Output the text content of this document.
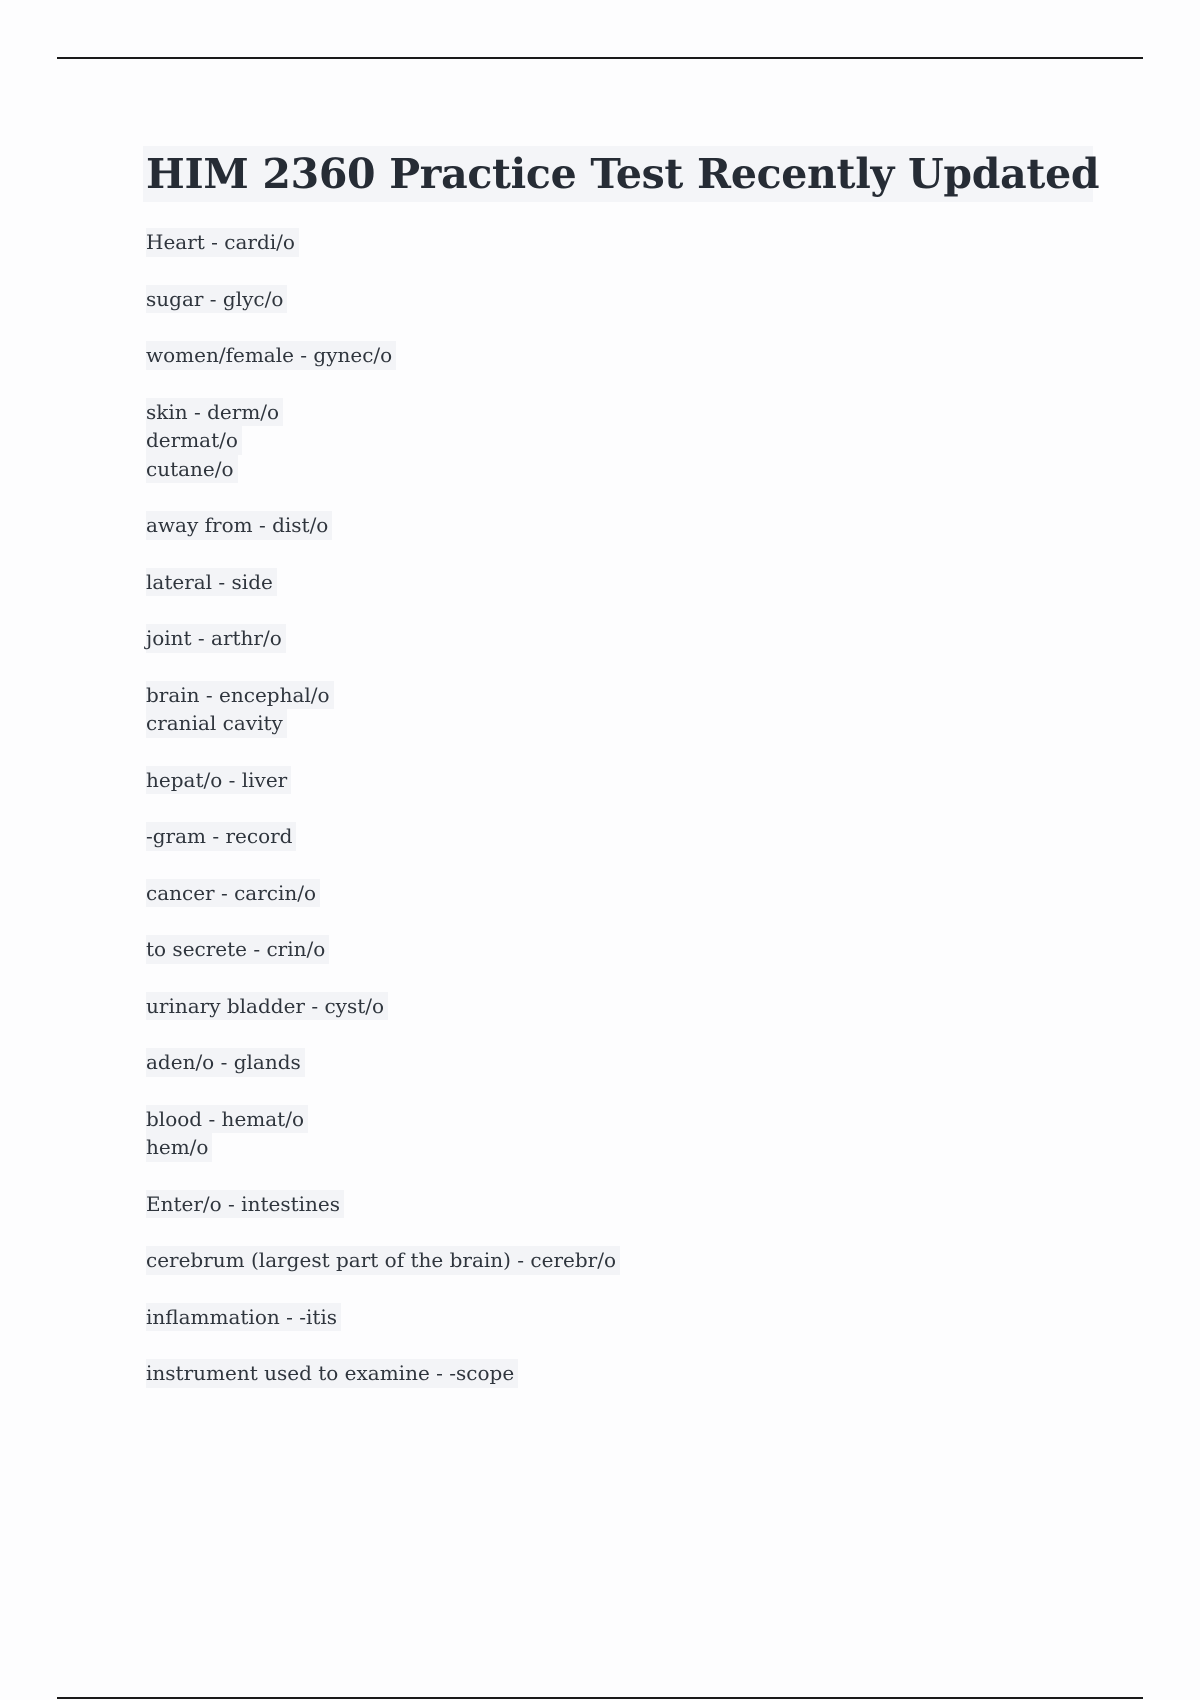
HIM 2360 Practice Test Recently Updated
Heart - cardi/o
sugar - glyc/o
women/female - gynec/o
skin - derm/o
dermat/o
cutane/o
away from - dist/o
lateral - side
joint - arthr/o
brain - encephal/o
cranial cavity
hepat/o - liver
-gram - record
cancer - carcin/o
to secrete - crin/o
urinary bladder - cyst/o
aden/o - glands
blood - hemat/o
hem/o
Enter/o - intestines
cerebrum (largest part of the brain) - cerebr/o
inflammation - -itis
instrument used to examine - -scope
